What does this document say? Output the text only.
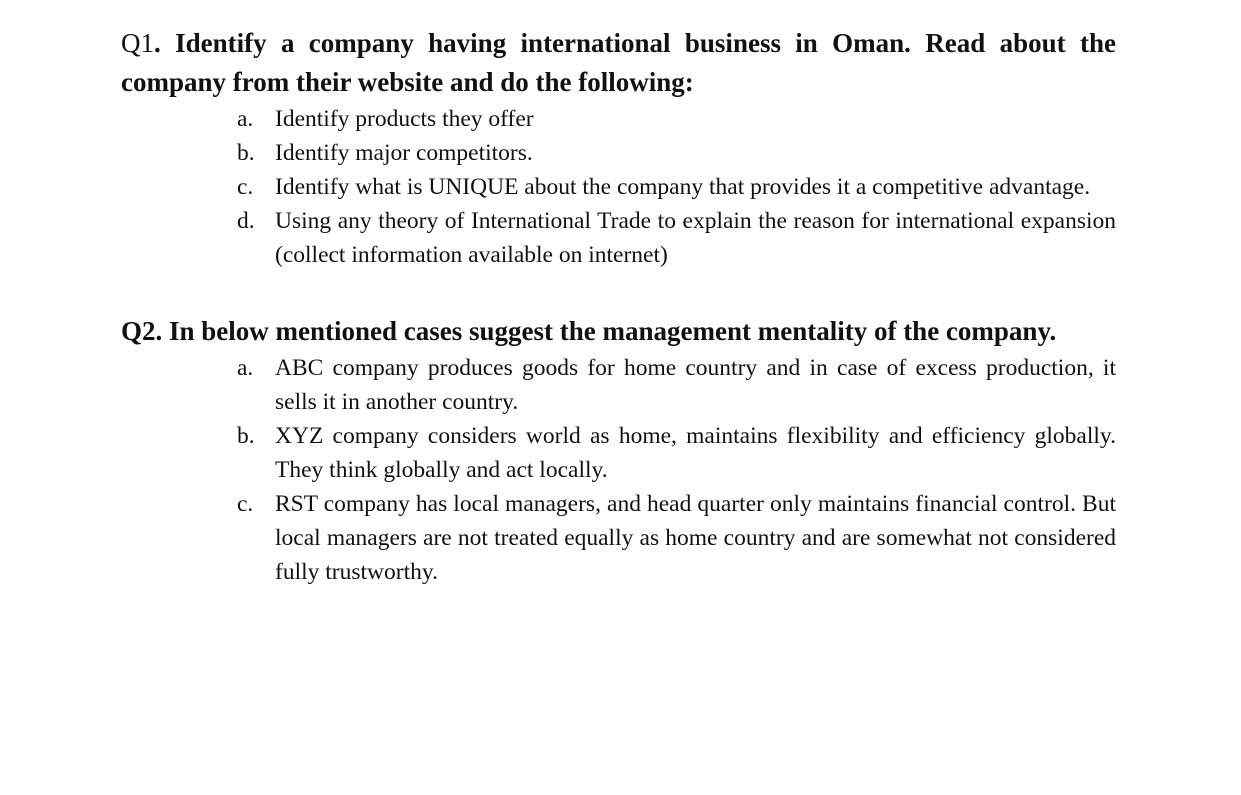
Q1. Identify a company having international business in Oman. Read about the company from their website and do the following:
a. Identify products they offer
b. Identify major competitors.
c. Identify what is UNIQUE about the company that provides it a competitive advantage.
d. Using any theory of International Trade to explain the reason for international expansion (collect information available on internet)
Q2. In below mentioned cases suggest the management mentality of the company.
a. ABC company produces goods for home country and in case of excess production, it sells it in another country.
b. XYZ company considers world as home, maintains flexibility and efficiency globally. They think globally and act locally.
c. RST company has local managers, and head quarter only maintains financial control. But local managers are not treated equally as home country and are somewhat not considered fully trustworthy.
